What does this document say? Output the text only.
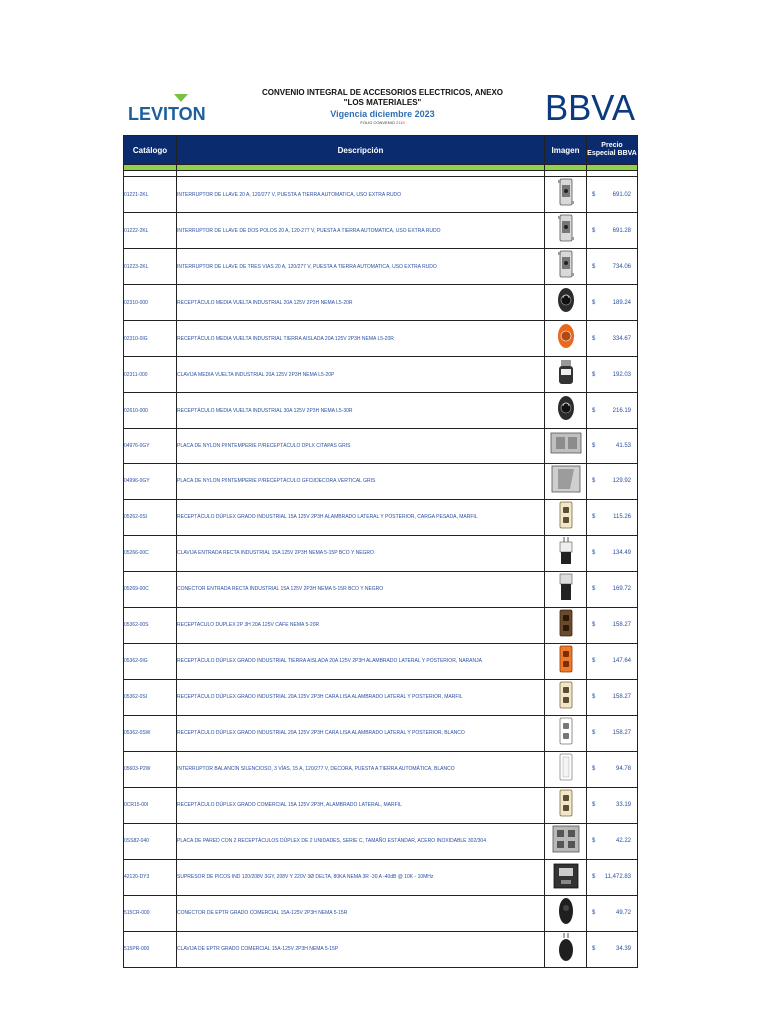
LEVITON
CONVENIO INTEGRAL DE ACCESORIOS ELECTRICOS, ANEXO
"LOS MATERIALES"
Vigencia diciembre 2023
FOLIO CONVENIO 2119	BBVA
Catálogo	Descripción	Imagen	Precio Especial BBVA

01221-2KL	INTERRUPTOR DE LLAVE 20 A, 120/277 V, PUESTA A TIERRA AUTOMATICA, USO EXTRA RUDO		$ 691.02

01222-2KL	INTERRUPTOR DE LLAVE DE DOS POLOS 20 A, 120-277 V, PUESTA A TIERRA AUTOMATICA, USO EXTRA RUDO		$ 691.28

01223-2KL	INTERRUPTOR DE LLAVE DE TRES VIAS 20 A, 120/277 V, PUESTA A TIERRA AUTOMATICA, USO EXTRA RUDO		$ 734.06

02310-000	RECEPTÁCULO MEDIA VUELTA INDUSTRIAL 20A 125V 2P3H NEMA L5-20R		$ 189.24

02310-0IG	RECEPTÁCULO MEDIA VUELTA INDUSTRIAL TIERRA AISLADA 20A 125V 2P3H NEMA L5-20R		$ 334.67

02311-000	CLAVIJA MEDIA VUELTA INDUSTRIAL 20A 125V 2P3H NEMA L5-20P		$ 192.03

02610-000	RECEPTÁCULO MEDIA VUELTA INDUSTRIAL 30A 125V 2P3H NEMA L5-30R		$ 216.19

04976-0GY	PLACA DE NYLON P/INTEMPERIE P/RECEPTÁCULO DPLX C/TAPAS GRIS		$ 41.53

04996-0GY	PLACA DE NYLON P/INTEMPERIE P/RECEPTÁCULO GFCI/DECORA VERTICAL GRIS		$ 129.92

05262-0SI	RECEPTÁCULO DÚPLEX GRADO INDUSTRIAL 15A 125V 2P3H ALAMBRADO LATERAL Y POSTERIOR, CARGA PESADA, MARFIL		$ 115.26

05266-00C	CLAVIJA ENTRADA RECTA INDUSTRIAL 15A 125V 2P3H NEMA 5-15P BCO Y NEGRO		$ 134.49

05269-00C	CONECTOR ENTRADA RECTA INDUSTRIAL 15A 125V 2P3H NEMA 5-15R BCO Y NEGRO		$ 169.72

05362-00S	RECEPTACULO DUPLEX 2P 3H 20A 125V CAFE NEMA 5-20R		$ 158.27

05362-0IG	RECEPTÁCULO DÚPLEX GRADO INDUSTRIAL TIERRA AISLADA 20A 125V 2P3H ALAMBRADO LATERAL Y POSTERIOR, NARANJA		$ 147.64

05362-0SI	RECEPTÁCULO DÚPLEX GRADO INDUSTRIAL 20A 125V 2P3H CARA LISA ALAMBRADO LATERAL Y POSTERIOR, MARFIL		$ 158.27

05362-0SW	RECEPTÁCULO DÚPLEX GRADO INDUSTRIAL 20A 125V 2P3H CARA LISA ALAMBRADO LATERAL Y POSTERIOR, BLANCO		$ 158.27

05603-P2W	INTERRUPTOR BALANCÍN SILENCIOSO, 3 VÍAS, 15 A, 120/277 V, DECORA, PUESTA A TIERRA AUTOMÁTICA, BLANCO		$ 94.78

0CR15-00I	RECEPTÁCULO DÚPLEX GRADO COMERCIAL 15A 125V 2P3H, ALAMBRADO LATERAL, MARFIL		$ 33.19

0SS82-040	PLACA DE PARED CON 2 RECEPTÁCULOS DÚPLEX DE 2 UNIDADES, SERIE C, TAMAÑO ESTÁNDAR, ACERO INOXIDABLE 302/304		$ 42.22

42120-DY3	SUPRESOR DE PICOS IND 120/208V 3GY, 208V Y 220V 3Ø DELTA, 80KA NEMA 3R -30 A -40dB @ 10K - 10MHz		$ 11,472.83

515CR-000	CONECTOR DE EPTR GRADO COMERCIAL 15A-125V 2P3H NEMA 5-15R		$ 49.72

515PR-000	CLAVIJA DE EPTR GRADO COMERCIAL 15A-125V 2P3H NEMA 5-15P		$ 34.39
